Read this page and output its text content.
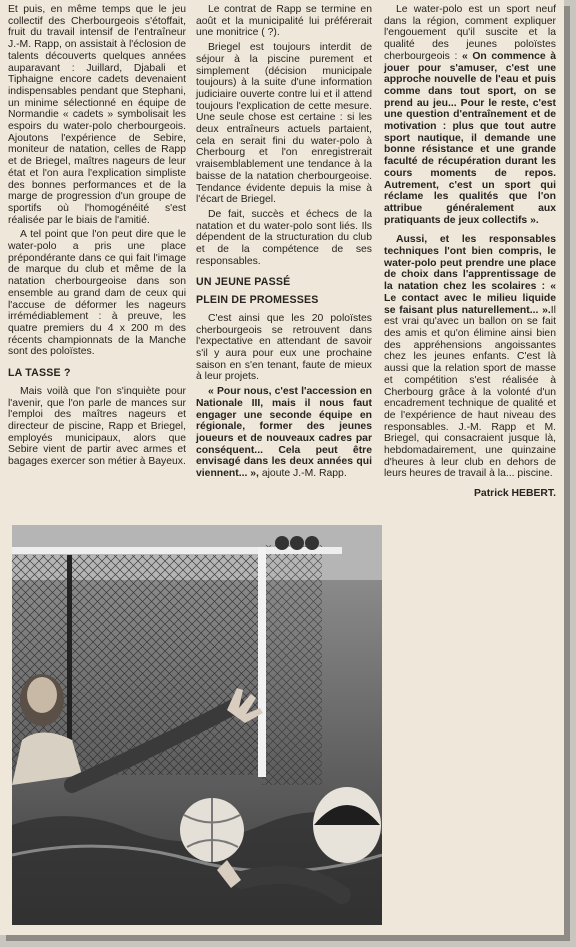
Et puis, en même temps que le jeu collectif des Cherbourgeois s'étoffait, fruit du travail intensif de l'entraîneur J.-M. Rapp, on assistait à l'éclosion de talents découverts quelques années auparavant : Juillard, Djabali et Tiphaigne encore cadets devenaient indispensables pendant que Stephani, un minime sélectionné en équipe de Normandie « cadets » symbolisait les espoirs du water-polo cherbourgeois. Ajoutons l'expérience de Sebire, moniteur de natation, celles de Rapp et de Briegel, maîtres nageurs de leur état et l'on aura l'explication simpliste des bonnes performances et de la marge de progression d'un groupe de sportifs où l'homogénéité s'est réalisée par le biais de l'amitié.

A tel point que l'on peut dire que le water-polo a pris une place prépondérante dans ce qui fait l'image de marque du club et même de la natation cherbourgeoise dans son ensemble au grand dam de ceux qui l'accuse de déformer les nageurs irrémédiablement : à preuve, les quatre premiers du 4 x 200 m des récents championnats de la Manche sont des poloïstes.

LA TASSE ?

Mais voilà que l'on s'inquiète pour l'avenir, que l'on parle de mances sur l'emploi des maîtres nageurs et directeur de piscine, Rapp et Briegel, employés municipaux, alors que Sebire vient de partir avec armes et bagages exercer son métier à Bayeux.

Le contrat de Rapp se termine en août et la municipalité lui préférerait une monitrice ( ?).

Briegel est toujours interdit de séjour à la piscine purement et simplement (décision municipale toujours) à la suite d'une information judiciaire ouverte contre lui et il attend toujours l'explication de cette mesure. Une seule chose est certaine : si les deux entraîneurs actuels partaient, cela en serait fini du water-polo à Cherbourg et l'on enregistrerait vraisemblablement une tendance à la baisse de la natation cherbourgeoise. Tendance évidente depuis la mise à l'écart de Briegel.

De fait, succès et échecs de la natation et du water-polo sont liés. Ils dépendent de la structuration du club et de la compétence de ses responsables.

UN JEUNE PASSÉ
PLEIN DE PROMESSES

C'est ainsi que les 20 poloïstes cherbourgeois se retrouvent dans l'expectative en attendant de savoir s'il y aura pour eux une prochaine saison en s'en tenant, faute de mieux à leur projets.

« Pour nous, c'est l'accession en Nationale III, mais il nous faut engager une seconde équipe en régionale, former des jeunes joueurs et de nouveaux cadres par conséquent... Cela peut être envisagé dans les deux années qui viennent... », ajoute J.-M. Rapp.

Le water-polo est un sport neuf dans la région, comment expliquer l'engouement qu'il suscite et la qualité des jeunes poloïstes cherbourgeois : « On commence à jouer pour s'amuser, c'est une approche nouvelle de l'eau et puis comme dans tout sport, on se prend au jeu... Pour le reste, c'est une question d'entraînement et de motivation : plus que tout autre sport nautique, il demande une bonne résistance et une grande faculté de récupération durant les cours moments de repos. Autrement, c'est un sport qui réclame les qualités que l'on attribue généralement aux pratiquants de jeux collectifs ».

Aussi, et les responsables techniques l'ont bien compris, le water-polo peut prendre une place de choix dans l'apprentissage de la natation chez les scolaires : « Le contact avec le milieu liquide se faisant plus naturellement... ».Il est vrai qu'avec un ballon on se fait des amis et qu'on élimine ainsi bien des appréhensions angoissantes chez les jeunes enfants. C'est là aussi que la relation sport de masse et compétition s'est réalisée à Cherbourg grâce à la volonté d'un encadrement technique de qualité et de l'expérience de haut niveau des responsables. J.-M. Rapp et M. Briegel, qui consacraient jusque là, hebdomadairement, une quinzaine d'heures à leur club en dehors de leurs heures de travail à la... piscine.

Patrick HEBERT.
